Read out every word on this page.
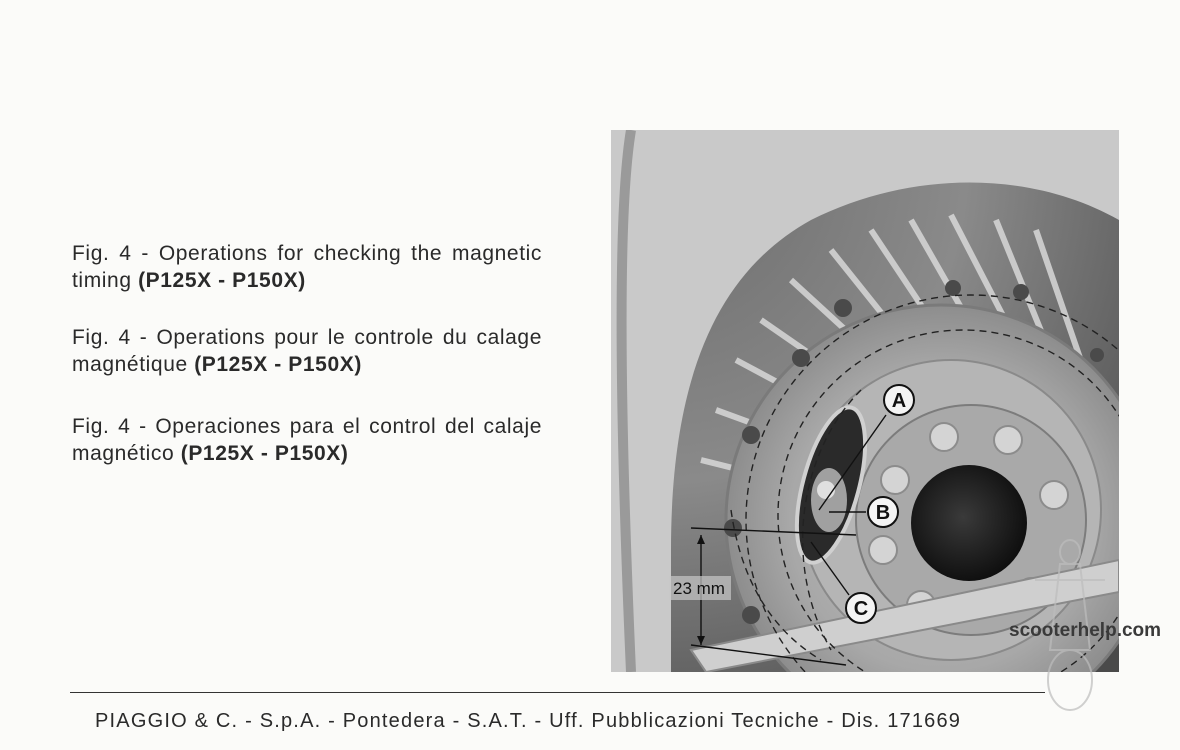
Fig. 4 - Operations for checking the magnetic timing (P125X - P150X)
Fig. 4 - Operations pour le controle du calage magnétique (P125X - P150X)
Fig. 4 - Operaciones para el control del calaje magnético (P125X - P150X)
A
B
C
23 mm
scooterhelp.com
PIAGGIO & C. - S.p.A. - Pontedera - S.A.T. - Uff. Pubblicazioni Tecniche - Dis. 171669
